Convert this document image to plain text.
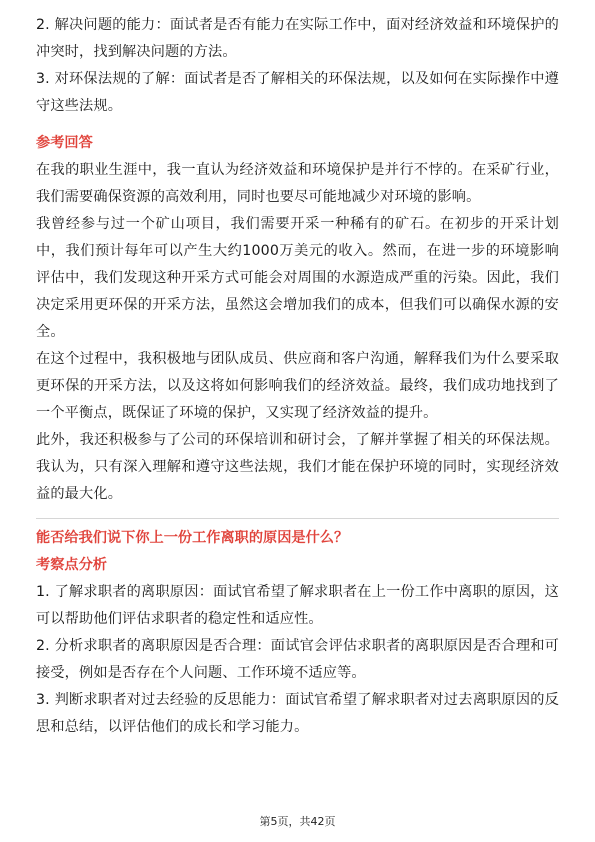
2. 解决问题的能力：面试者是否有能力在实际工作中，面对经济效益和环境保护的冲突时，找到解决问题的方法。

3. 对环保法规的了解：面试者是否了解相关的环保法规，以及如何在实际操作中遵守这些法规。

参考回答

在我的职业生涯中，我一直认为经济效益和环境保护是并行不悖的。在采矿行业，我们需要确保资源的高效利用，同时也要尽可能地减少对环境的影响。

我曾经参与过一个矿山项目，我们需要开采一种稀有的矿石。在初步的开采计划中，我们预计每年可以产生大约1000万美元的收入。然而，在进一步的环境影响评估中，我们发现这种开采方式可能会对周围的水源造成严重的污染。因此，我们决定采用更环保的开采方法，虽然这会增加我们的成本，但我们可以确保水源的安全。

在这个过程中，我积极地与团队成员、供应商和客户沟通，解释我们为什么要采取更环保的开采方法，以及这将如何影响我们的经济效益。最终，我们成功地找到了一个平衡点，既保证了环境的保护，又实现了经济效益的提升。

此外，我还积极参与了公司的环保培训和研讨会，了解并掌握了相关的环保法规。我认为，只有深入理解和遵守这些法规，我们才能在保护环境的同时，实现经济效益的最大化。

能否给我们说下你上一份工作离职的原因是什么？

考察点分析

1. 了解求职者的离职原因：面试官希望了解求职者在上一份工作中离职的原因，这可以帮助他们评估求职者的稳定性和适应性。

2. 分析求职者的离职原因是否合理：面试官会评估求职者的离职原因是否合理和可接受，例如是否存在个人问题、工作环境不适应等。

3. 判断求职者对过去经验的反思能力：面试官希望了解求职者对过去离职原因的反思和总结，以评估他们的成长和学习能力。

第5页，共42页
